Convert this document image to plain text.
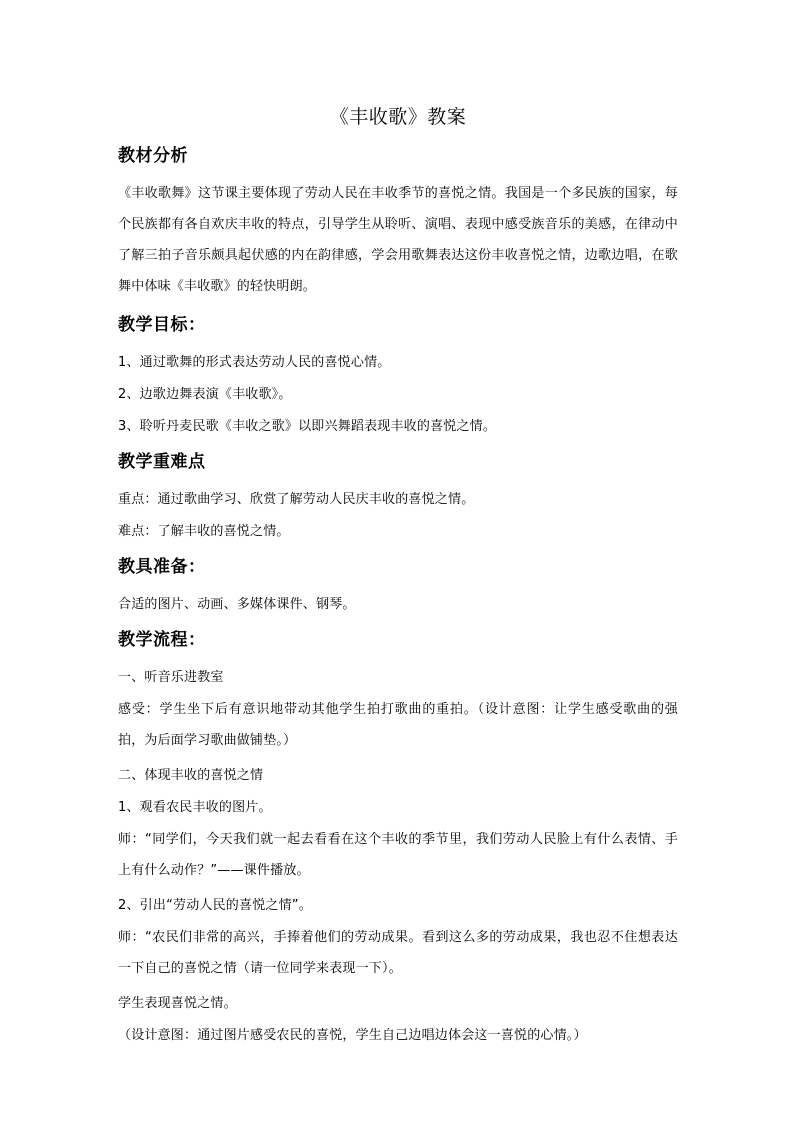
《丰收歌》教案
教材分析
《丰收歌舞》这节课主要体现了劳动人民在丰收季节的喜悦之情。我国是一个多民族的国家，每个民族都有各自欢庆丰收的特点，引导学生从聆听、演唱、表现中感受族音乐的美感，在律动中了解三拍子音乐颇具起伏感的内在韵律感，学会用歌舞表达这份丰收喜悦之情，边歌边唱，在歌舞中体味《丰收歌》的轻快明朗。
教学目标：
1、通过歌舞的形式表达劳动人民的喜悦心情。
2、边歌边舞表演《丰收歌》。
3、聆听丹麦民歌《丰收之歌》以即兴舞蹈表现丰收的喜悦之情。
教学重难点
重点：通过歌曲学习、欣赏了解劳动人民庆丰收的喜悦之情。
难点：了解丰收的喜悦之情。
教具准备：
合适的图片、动画、多媒体课件、钢琴。
教学流程：
一、听音乐进教室
感受：学生坐下后有意识地带动其他学生拍打歌曲的重拍。（设计意图：让学生感受歌曲的强拍，为后面学习歌曲做铺垫。）
二、体现丰收的喜悦之情
1、观看农民丰收的图片。
师：“同学们，今天我们就一起去看看在这个丰收的季节里，我们劳动人民脸上有什么表情、手上有什么动作？”——课件播放。
2、引出“劳动人民的喜悦之情”。
师：“农民们非常的高兴，手捧着他们的劳动成果。看到这么多的劳动成果，我也忍不住想表达一下自己的喜悦之情（请一位同学来表现一下）。
学生表现喜悦之情。
（设计意图：通过图片感受农民的喜悦，学生自己边唱边体会这一喜悦的心情。）
